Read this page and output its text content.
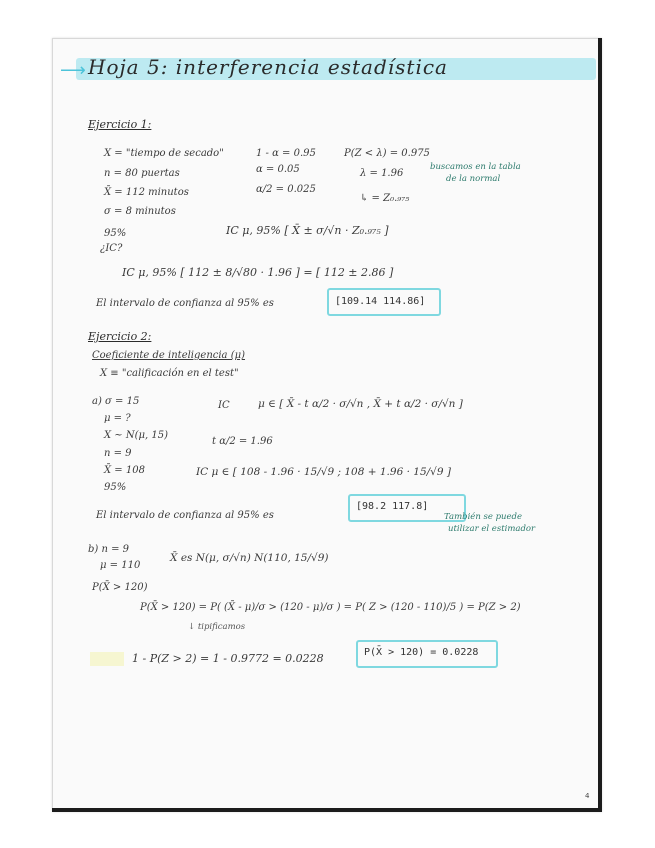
⟶ Hoja 5: interferencia estadística
Ejercicio 1:
X = "tiempo de secado"
n = 80 puertas
X̄ = 112 minutos
σ = 8 minutos
95%
¿IC?
1 - α = 0.95
α = 0.05
α/2 = 0.025
P(Z < λ) = 0.975
λ = 1.96
↳ = Z₀.₉₇₅
buscamos en la tabla
de la normal
IC μ, 95% [ X̄ ± σ/√n · Z₀.₉₇₅ ]
IC μ, 95% [ 112 ± 8/√80 · 1.96 ] = [ 112 ± 2.86 ]
El intervalo de confianza al 95% es	[109.14 114.86]
Ejercicio 2:
Coeficiente de inteligencia (μ)
X ≡ "calificación en el test"
a) σ = 15
μ = ?
X ~ N(μ, 15)
n = 9
X̄ = 108
95%
IC	μ ∈ [ X̄ - t α/2 · σ/√n , X̄ + t α/2 · σ/√n ]
t α/2 = 1.96
IC μ ∈ [ 108 - 1.96 · 15/√9 ; 108 + 1.96 · 15/√9 ]
El intervalo de confianza al 95% es
[98.2 117.8]
También se puede
utilizar el estimador
b) n = 9
μ = 110
X̄ es N(μ, σ/√n) N(110, 15/√9)
P(X̄ > 120)
P(X̄ > 120) = P( (X̄ - μ)/σ > (120 - μ)/σ ) = P( Z > (120 - 110)/5 ) = P(Z > 2)
↓ tipificamos
1 - P(Z > 2) = 1 - 0.9772 = 0.0228	P(X̄ > 120) = 0.0228
4
